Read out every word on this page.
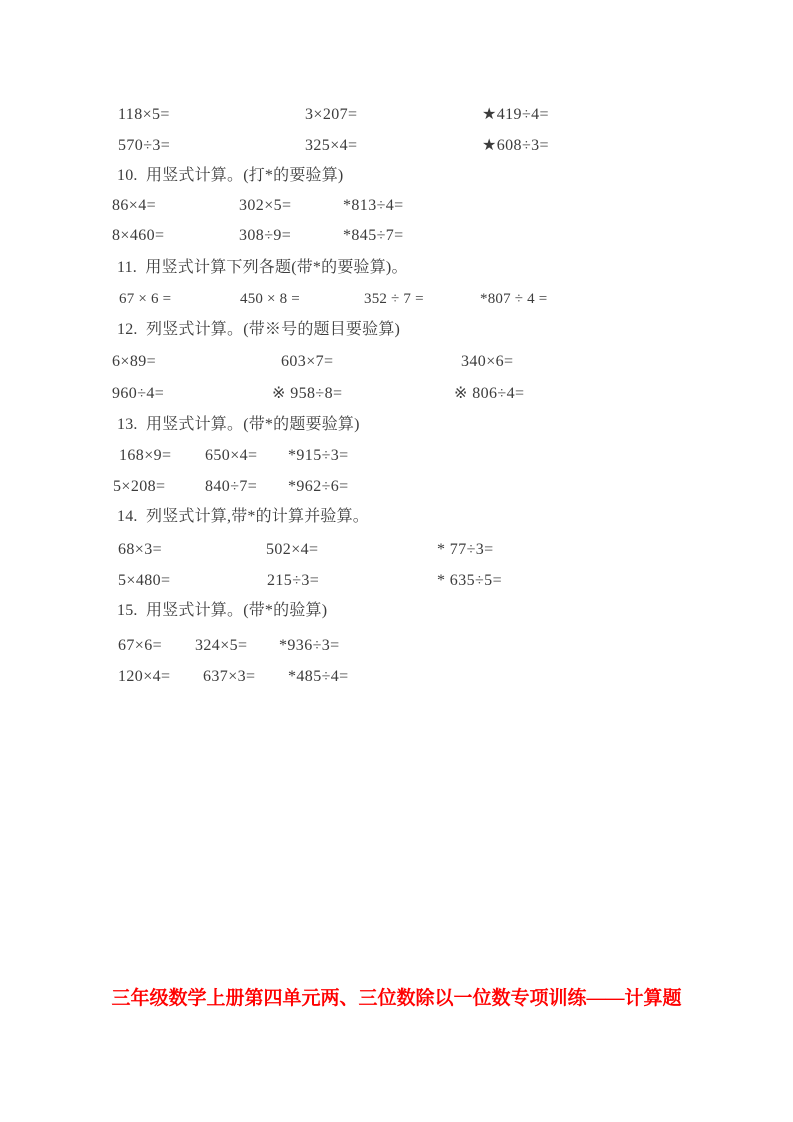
118×5=	3×207=	★419÷4=
570÷3=	325×4=	★608÷3=
10.  用竖式计算。(打*的要验算)
86×4=	302×5=	*813÷4=
8×460=	308÷9=	*845÷7=
11.  用竖式计算下列各题(带*的要验算)。
67 × 6 =	450 × 8 =	352 ÷ 7 =	*807 ÷ 4 =
12.  列竖式计算。(带※号的题目要验算)
6×89=	603×7=	340×6=
960÷4=	※ 958÷8=	※ 806÷4=
13.  用竖式计算。(带*的题要验算)
168×9= 650×4= *915÷3=
5×208= 840÷7= *962÷6=
14.  列竖式计算,带*的计算并验算。
68×3=	502×4=	* 77÷3=
5×480=	215÷3=	* 635÷5=
15.  用竖式计算。(带*的验算)
67×6= 324×5= *936÷3=
120×4= 637×3= *485÷4=
三年级数学上册第四单元两、三位数除以一位数专项训练——计算题
